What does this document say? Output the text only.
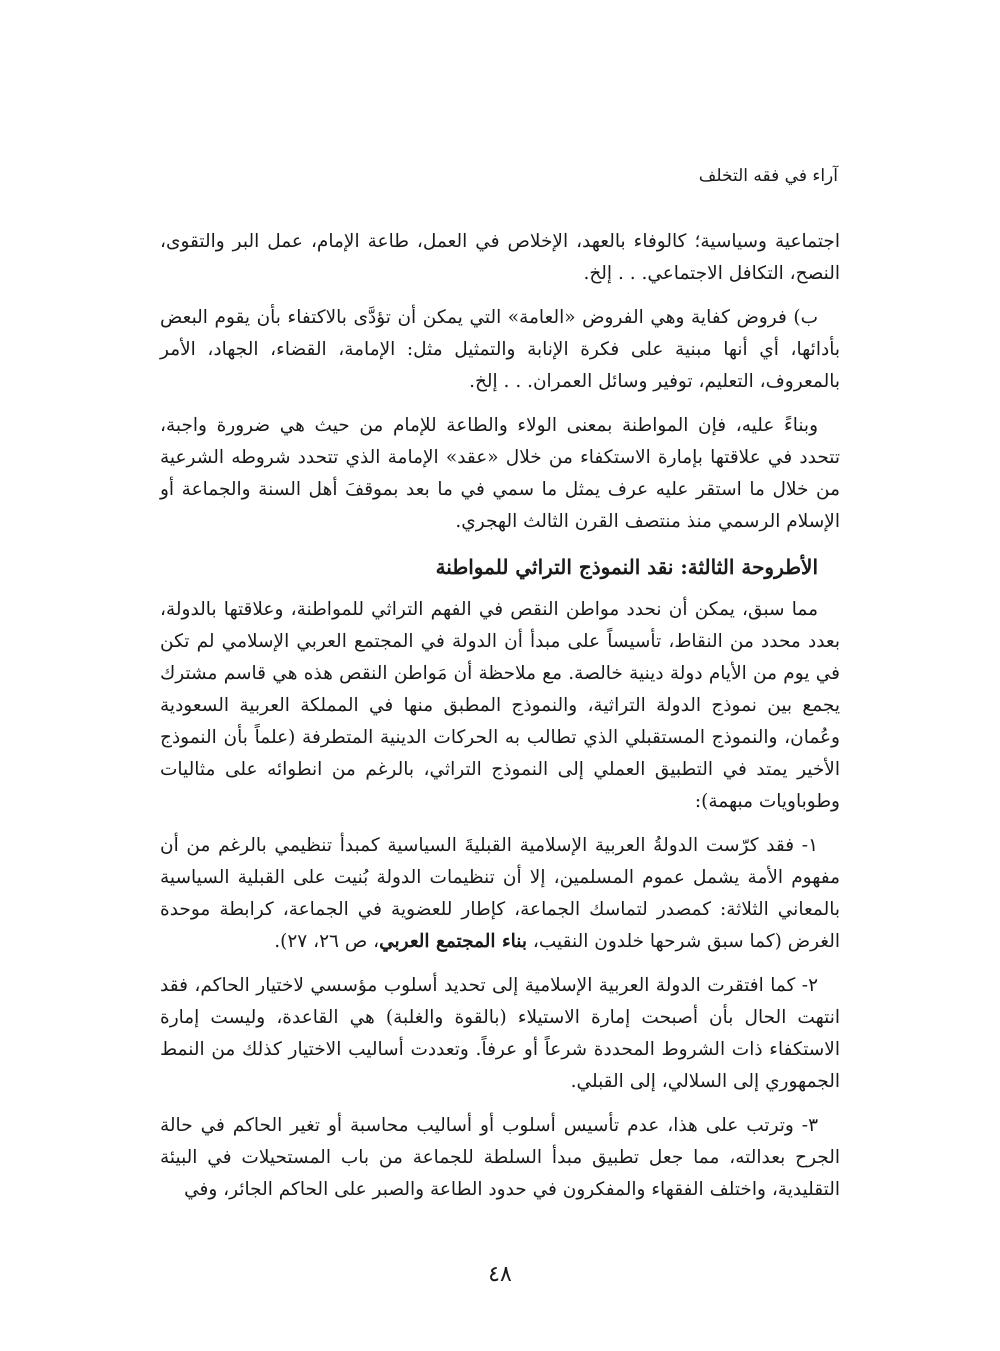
آراء في فقه التخلف

اجتماعية وسياسية؛ كالوفاء بالعهد، الإخلاص في العمل، طاعة الإمام، عمل البر والتقوى، النصح، التكافل الاجتماعي. . . إلخ.

ب) فروض كفاية وهي الفروض «العامة» التي يمكن أن تؤدَّى بالاكتفاء بأن يقوم البعض بأدائها، أي أنها مبنية على فكرة الإنابة والتمثيل مثل: الإمامة، القضاء، الجهاد، الأمر بالمعروف، التعليم، توفير وسائل العمران. . . إلخ.

وبناءً عليه، فإن المواطنة بمعنى الولاء والطاعة للإمام من حيث هي ضرورة واجبة، تتحدد في علاقتها بإمارة الاستكفاء من خلال «عقد» الإمامة الذي تتحدد شروطه الشرعية من خلال ما استقر عليه عرف يمثل ما سمي في ما بعد بموقفَ أهل السنة والجماعة أو الإسلام الرسمي منذ منتصف القرن الثالث الهجري.

الأطروحة الثالثة: نقد النموذج التراثي للمواطنة

مما سبق، يمكن أن نحدد مواطن النقص في الفهم التراثي للمواطنة، وعلاقتها بالدولة، بعدد محدد من النقاط، تأسيساً على مبدأ أن الدولة في المجتمع العربي الإسلامي لم تكن في يوم من الأيام دولة دينية خالصة. مع ملاحظة أن مَواطن النقص هذه هي قاسم مشترك يجمع بين نموذج الدولة التراثية، والنموذج المطبق منها في المملكة العربية السعودية وعُمان، والنموذج المستقبلي الذي تطالب به الحركات الدينية المتطرفة (علماً بأن النموذج الأخير يمتد في التطبيق العملي إلى النموذج التراثي، بالرغم من انطوائه على مثاليات وطوباويات مبهمة):

١- فقد كرّست الدولةُ العربية الإسلامية القبليةَ السياسية كمبدأ تنظيمي بالرغم من أن مفهوم الأمة يشمل عموم المسلمين، إلا أن تنظيمات الدولة بُنيت على القبلية السياسية بالمعاني الثلاثة: كمصدر لتماسك الجماعة، كإطار للعضوية في الجماعة، كرابطة موحدة الغرض (كما سبق شرحها خلدون النقيب، بناء المجتمع العربي، ص ٢٦، ٢٧).

٢- كما افتقرت الدولة العربية الإسلامية إلى تحديد أسلوب مؤسسي لاختيار الحاكم، فقد انتهت الحال بأن أصبحت إمارة الاستيلاء (بالقوة والغلبة) هي القاعدة، وليست إمارة الاستكفاء ذات الشروط المحددة شرعاً أو عرفاً. وتعددت أساليب الاختيار كذلك من النمط الجمهوري إلى السلالي، إلى القبلي.

٣- وترتب على هذا، عدم تأسيس أسلوب أو أساليب محاسبة أو تغير الحاكم في حالة الجرح بعدالته، مما جعل تطبيق مبدأ السلطة للجماعة من باب المستحيلات في البيئة التقليدية، واختلف الفقهاء والمفكرون في حدود الطاعة والصبر على الحاكم الجائر، وفي

٤٨
